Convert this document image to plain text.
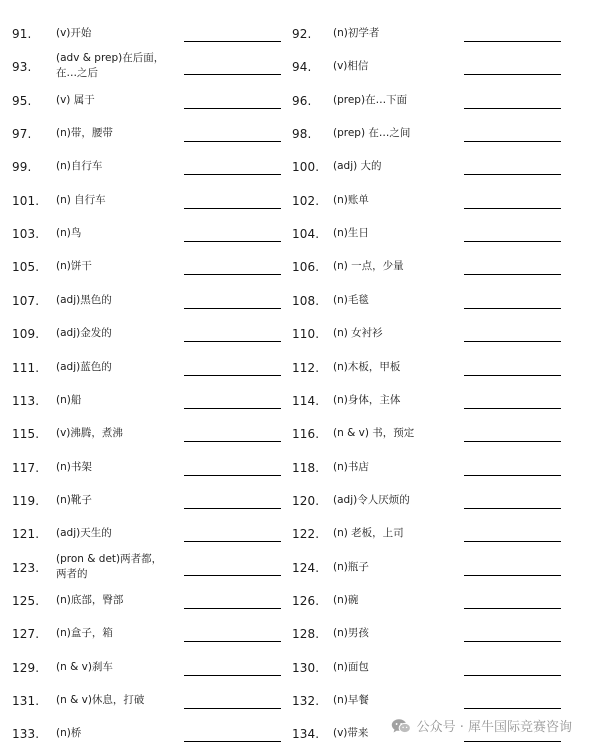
91. (v)开始	92. (n)初学者
93.
(adv & prep)在后面，
在…之后	94. (v)相信
95. (v) 属于	96. (prep)在…下面
97. (n)带，腰带	98. (prep) 在…之间
99. (n)自行车	100. (adj) 大的
101. (n) 自行车	102. (n)账单
103. (n)鸟	104. (n)生日
105. (n)饼干	106. (n) 一点，少量
107. (adj)黑色的	108. (n)毛毯
109. (adj)金发的	110. (n) 女衬衫
111. (adj)蓝色的	112. (n)木板，甲板
113. (n)船	114. (n)身体，主体
115. (v)沸腾，煮沸	116. (n & v) 书，预定
117. (n)书架	118. (n)书店
119. (n)靴子	120. (adj)令人厌烦的
121. (adj)天生的	122. (n) 老板，上司
123.
(pron & det)两者都，
两者的	124. (n)瓶子
125. (n)底部，臀部	126. (n)碗
127. (n)盒子，箱	128. (n)男孩
129. (n & v)刹车	130. (n)面包
131. (n & v)休息，打破	132. (n)早餐
133. (n)桥	134. (v)带来	公众号 · 犀牛国际竞赛咨询
